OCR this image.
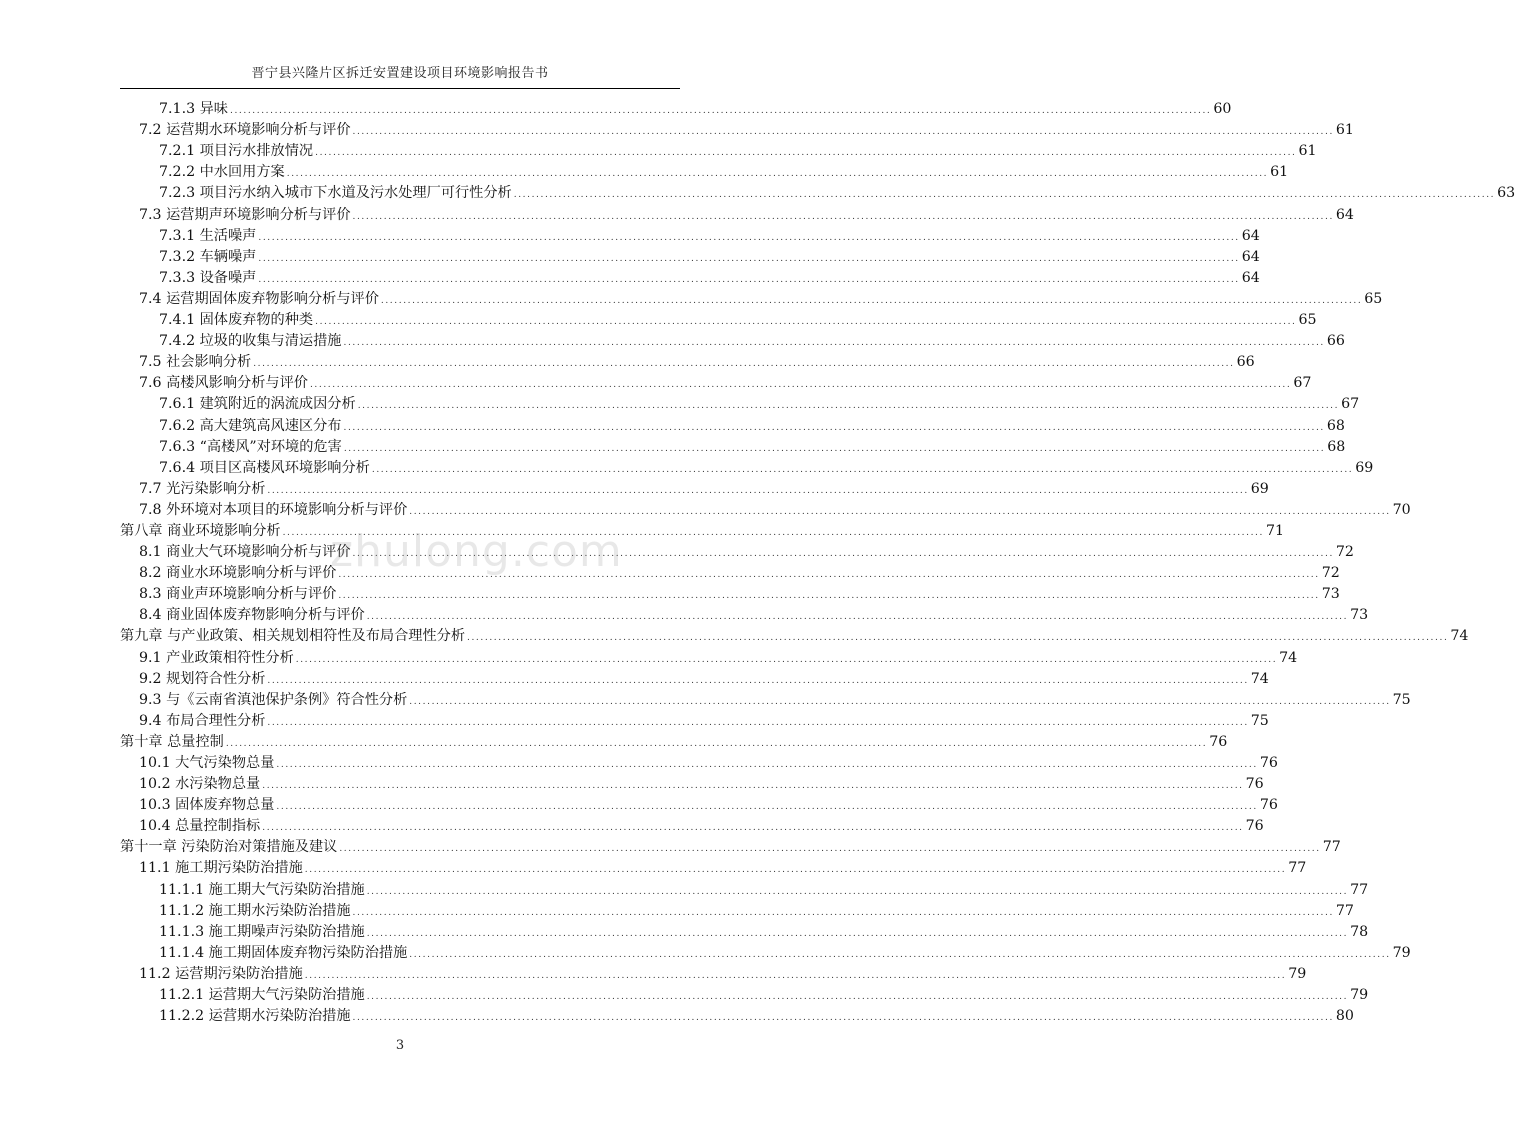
晋宁县兴隆片区拆迁安置建设项目环境影响报告书
7.1.3 异味 ............................................................................................................................................................................................................................ 60
7.2 运营期水环境影响分析与评价 ............................................................................................................................................................................................................................ 61
7.2.1 项目污水排放情况 ............................................................................................................................................................................................................................ 61
7.2.2 中水回用方案 ............................................................................................................................................................................................................................ 61
7.2.3 项目污水纳入城市下水道及污水处理厂可行性分析 ............................................................................................................................................................................................................................ 63
7.3 运营期声环境影响分析与评价 ............................................................................................................................................................................................................................ 64
7.3.1 生活噪声 ............................................................................................................................................................................................................................ 64
7.3.2 车辆噪声 ............................................................................................................................................................................................................................ 64
7.3.3 设备噪声 ............................................................................................................................................................................................................................ 64
7.4 运营期固体废弃物影响分析与评价 ............................................................................................................................................................................................................................ 65
7.4.1 固体废弃物的种类 ............................................................................................................................................................................................................................ 65
7.4.2 垃圾的收集与清运措施 ............................................................................................................................................................................................................................ 66
7.5 社会影响分析 ............................................................................................................................................................................................................................ 66
7.6 高楼风影响分析与评价 ............................................................................................................................................................................................................................ 67
7.6.1 建筑附近的涡流成因分析 ............................................................................................................................................................................................................................ 67
7.6.2 高大建筑高风速区分布 ............................................................................................................................................................................................................................ 68
7.6.3 “高楼风”对环境的危害 ............................................................................................................................................................................................................................ 68
7.6.4 项目区高楼风环境影响分析 ............................................................................................................................................................................................................................ 69
7.7 光污染影响分析 ............................................................................................................................................................................................................................ 69
7.8 外环境对本项目的环境影响分析与评价 ............................................................................................................................................................................................................................ 70
第八章 商业环境影响分析 ............................................................................................................................................................................................................................ 71
8.1 商业大气环境影响分析与评价 ............................................................................................................................................................................................................................ 72
8.2 商业水环境影响分析与评价 ............................................................................................................................................................................................................................ 72
8.3 商业声环境影响分析与评价 ............................................................................................................................................................................................................................ 73
8.4 商业固体废弃物影响分析与评价 ............................................................................................................................................................................................................................ 73
第九章 与产业政策、相关规划相符性及布局合理性分析 ............................................................................................................................................................................................................................ 74
9.1 产业政策相符性分析 ............................................................................................................................................................................................................................ 74
9.2 规划符合性分析 ............................................................................................................................................................................................................................ 74
9.3 与《云南省滇池保护条例》符合性分析 ............................................................................................................................................................................................................................ 75
9.4 布局合理性分析 ............................................................................................................................................................................................................................ 75
第十章 总量控制 ............................................................................................................................................................................................................................ 76
10.1 大气污染物总量 ............................................................................................................................................................................................................................ 76
10.2 水污染物总量 ............................................................................................................................................................................................................................ 76
10.3 固体废弃物总量 ............................................................................................................................................................................................................................ 76
10.4 总量控制指标 ............................................................................................................................................................................................................................ 76
第十一章 污染防治对策措施及建议 ............................................................................................................................................................................................................................ 77
11.1 施工期污染防治措施 ............................................................................................................................................................................................................................ 77
11.1.1 施工期大气污染防治措施 ............................................................................................................................................................................................................................ 77
11.1.2 施工期水污染防治措施 ............................................................................................................................................................................................................................ 77
11.1.3 施工期噪声污染防治措施 ............................................................................................................................................................................................................................ 78
11.1.4 施工期固体废弃物污染防治措施 ............................................................................................................................................................................................................................ 79
11.2 运营期污染防治措施 ............................................................................................................................................................................................................................ 79
11.2.1 运营期大气污染防治措施 ............................................................................................................................................................................................................................ 79
11.2.2 运营期水污染防治措施 ............................................................................................................................................................................................................................ 80
zhulong.com
3
